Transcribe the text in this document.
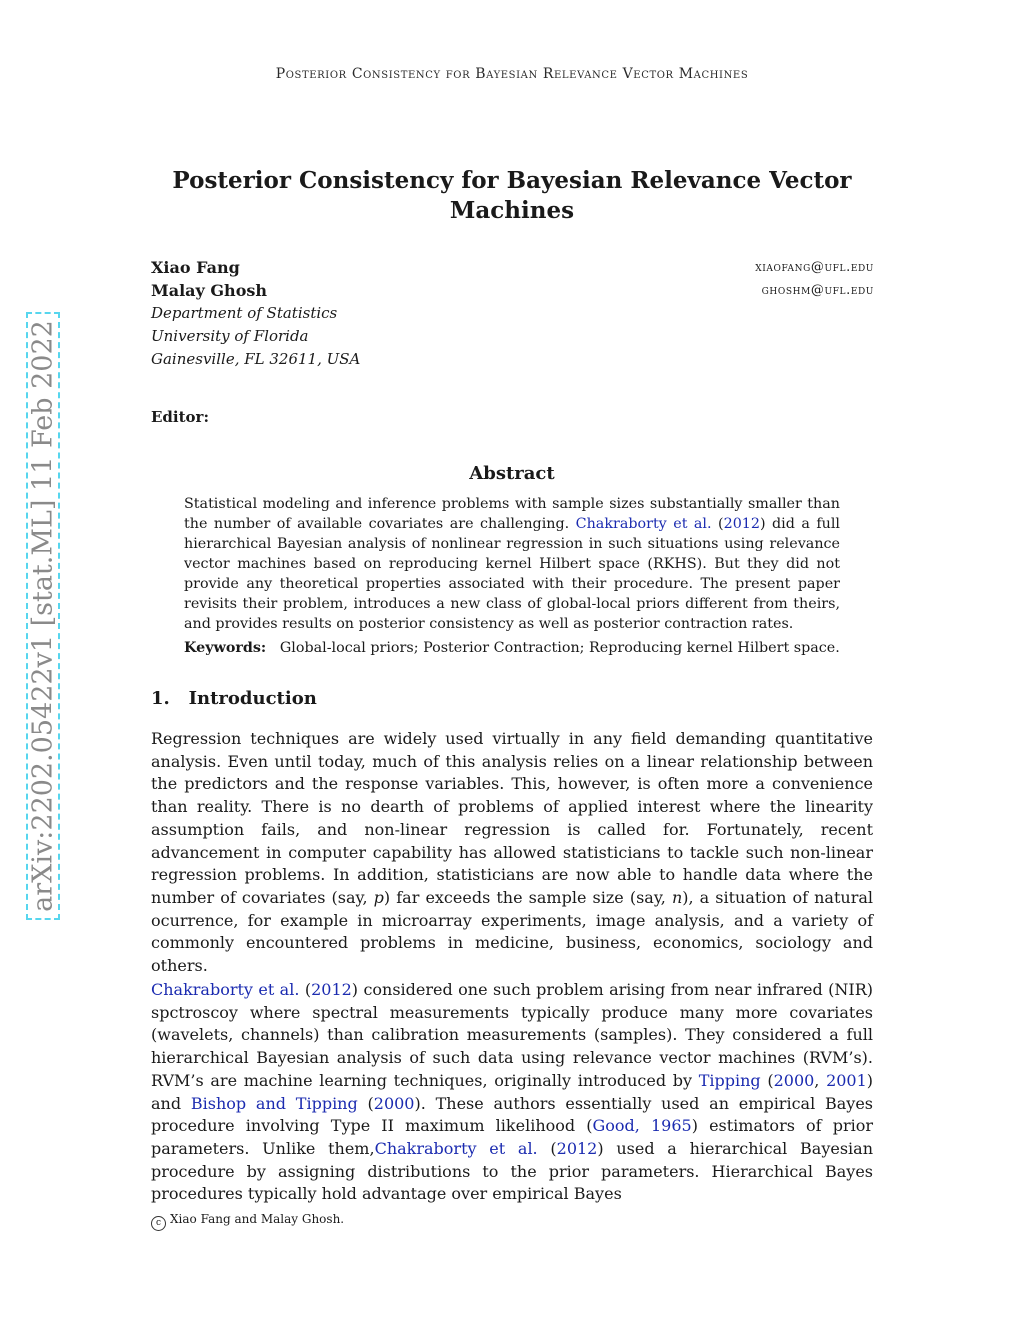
Posterior Consistency for Bayesian Relevance Vector Machines
Posterior Consistency for Bayesian Relevance Vector
Machines
Xiao Fang	xiaofang@ufl.edu
Malay Ghosh	ghoshm@ufl.edu
Department of Statistics
University of Florida
Gainesville, FL 32611, USA
Editor:
Abstract
Statistical modeling and inference problems with sample sizes substantially smaller than the number of available covariates are challenging. Chakraborty et al. (2012) did a full hierarchical Bayesian analysis of nonlinear regression in such situations using relevance vector machines based on reproducing kernel Hilbert space (RKHS). But they did not provide any theoretical properties associated with their procedure. The present paper revisits their problem, introduces a new class of global-local priors different from theirs, and provides results on posterior consistency as well as posterior contraction rates.
Keywords: Global-local priors; Posterior Contraction; Reproducing kernel Hilbert space.
1. Introduction
Regression techniques are widely used virtually in any field demanding quantitative analysis. Even until today, much of this analysis relies on a linear relationship between the predictors and the response variables. This, however, is often more a convenience than reality. There is no dearth of problems of applied interest where the linearity assumption fails, and non-linear regression is called for. Fortunately, recent advancement in computer capability has allowed statisticians to tackle such non-linear regression problems. In addition, statisticians are now able to handle data where the number of covariates (say, p) far exceeds the sample size (say, n), a situation of natural ocurrence, for example in microarray experiments, image analysis, and a variety of commonly encountered problems in medicine, business, economics, sociology and others.
Chakraborty et al. (2012) considered one such problem arising from near infrared (NIR) spctroscoy where spectral measurements typically produce many more covariates (wavelets, channels) than calibration measurements (samples). They considered a full hierarchical Bayesian analysis of such data using relevance vector machines (RVM’s). RVM’s are machine learning techniques, originally introduced by Tipping (2000, 2001) and Bishop and Tipping (2000). These authors essentially used an empirical Bayes procedure involving Type II maximum likelihood (Good, 1965) estimators of prior parameters. Unlike them,Chakraborty et al. (2012) used a hierarchical Bayesian procedure by assigning distributions to the prior parameters. Hierarchical Bayes procedures typically hold advantage over empirical Bayes
c Xiao Fang and Malay Ghosh.
arXiv:2202.05422v1 [stat.ML] 11 Feb 2022
